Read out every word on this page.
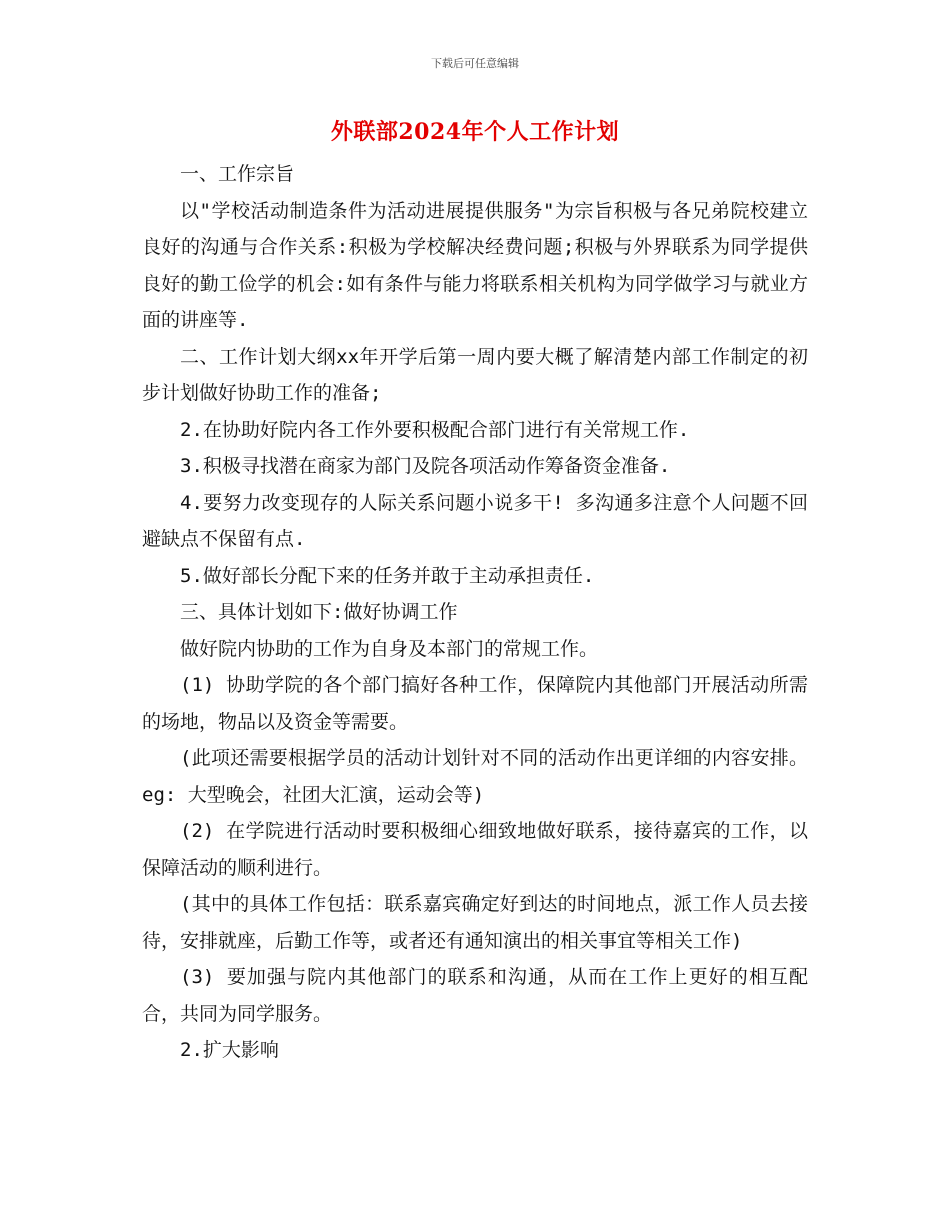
下载后可任意编辑
外联部2024年个人工作计划

一、工作宗旨

以"学校活动制造条件为活动进展提供服务"为宗旨积极与各兄弟院校建立良好的沟通与合作关系:积极为学校解决经费问题;积极与外界联系为同学提供良好的勤工俭学的机会:如有条件与能力将联系相关机构为同学做学习与就业方面的讲座等.

二、工作计划大纲xx年开学后第一周内要大概了解清楚内部工作制定的初步计划做好协助工作的准备;

2.在协助好院内各工作外要积极配合部门进行有关常规工作.

3.积极寻找潜在商家为部门及院各项活动作筹备资金准备.

4.要努力改变现存的人际关系问题小说多干! 多沟通多注意个人问题不回避缺点不保留有点.

5.做好部长分配下来的任务并敢于主动承担责任.

三、具体计划如下:做好协调工作

做好院内协助的工作为自身及本部门的常规工作。

(1) 协助学院的各个部门搞好各种工作，保障院内其他部门开展活动所需的场地，物品以及资金等需要。

(此项还需要根据学员的活动计划针对不同的活动作出更详细的内容安排。eg: 大型晚会，社团大汇演，运动会等)

(2) 在学院进行活动时要积极细心细致地做好联系，接待嘉宾的工作，以保障活动的顺利进行。

(其中的具体工作包括：联系嘉宾确定好到达的时间地点，派工作人员去接待，安排就座，后勤工作等，或者还有通知演出的相关事宜等相关工作)

(3) 要加强与院内其他部门的联系和沟通，从而在工作上更好的相互配合，共同为同学服务。

2.扩大影响
